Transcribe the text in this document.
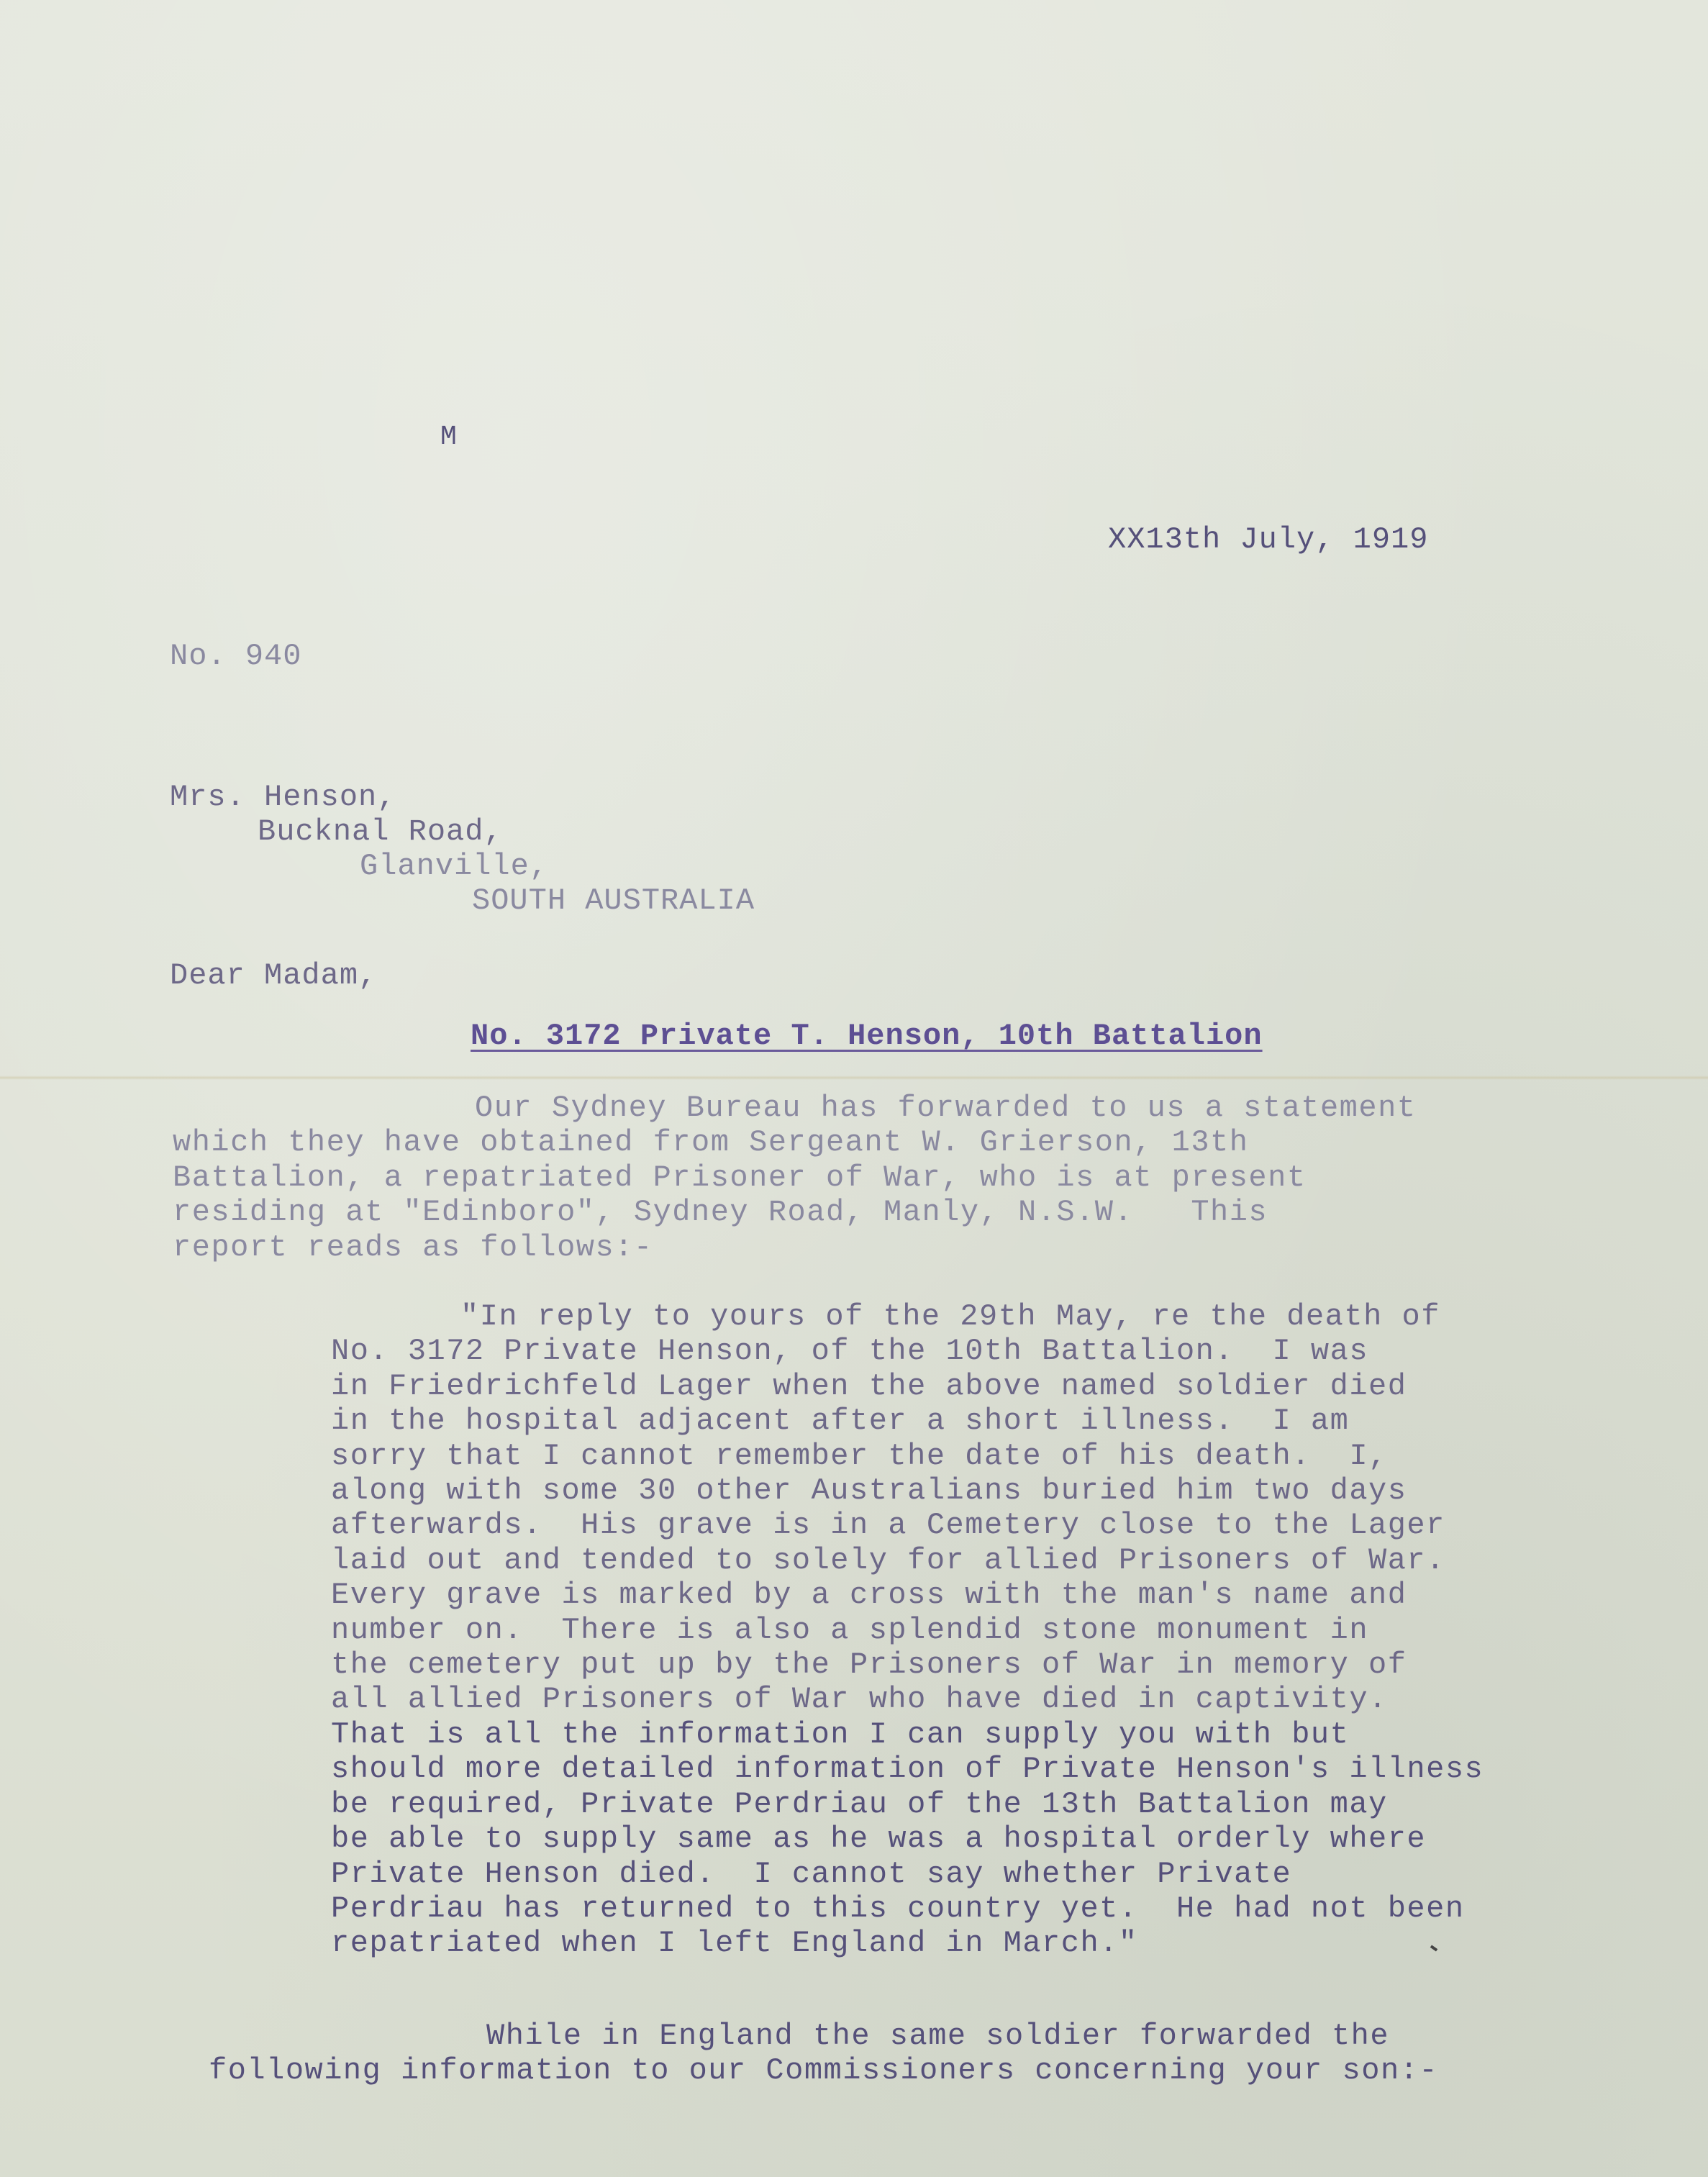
M
XX13th July, 1919
No. 940
Mrs. Henson,
Bucknal Road,
Glanville,
SOUTH AUSTRALIA
Dear Madam,
No. 3172 Private T. Henson, 10th Battalion
Our Sydney Bureau has forwarded to us a statement
which they have obtained from Sergeant W. Grierson, 13th
Battalion, a repatriated Prisoner of War, who is at present
residing at "Edinboro", Sydney Road, Manly, N.S.W.   This
report reads as follows:-
"In reply to yours of the 29th May, re the death of
No. 3172 Private Henson, of the 10th Battalion.  I was
in Friedrichfeld Lager when the above named soldier died
in the hospital adjacent after a short illness.  I am
sorry that I cannot remember the date of his death.  I,
along with some 30 other Australians buried him two days
afterwards.  His grave is in a Cemetery close to the Lager
laid out and tended to solely for allied Prisoners of War.
Every grave is marked by a cross with the man's name and
number on.  There is also a splendid stone monument in
the cemetery put up by the Prisoners of War in memory of
all allied Prisoners of War who have died in captivity.
That is all the information I can supply you with but
should more detailed information of Private Henson's illness
be required, Private Perdriau of the 13th Battalion may
be able to supply same as he was a hospital orderly where
Private Henson died.  I cannot say whether Private
Perdriau has returned to this country yet.  He had not been
repatriated when I left England in March."
While in England the same soldier forwarded the
following information to our Commissioners concerning your son:-
